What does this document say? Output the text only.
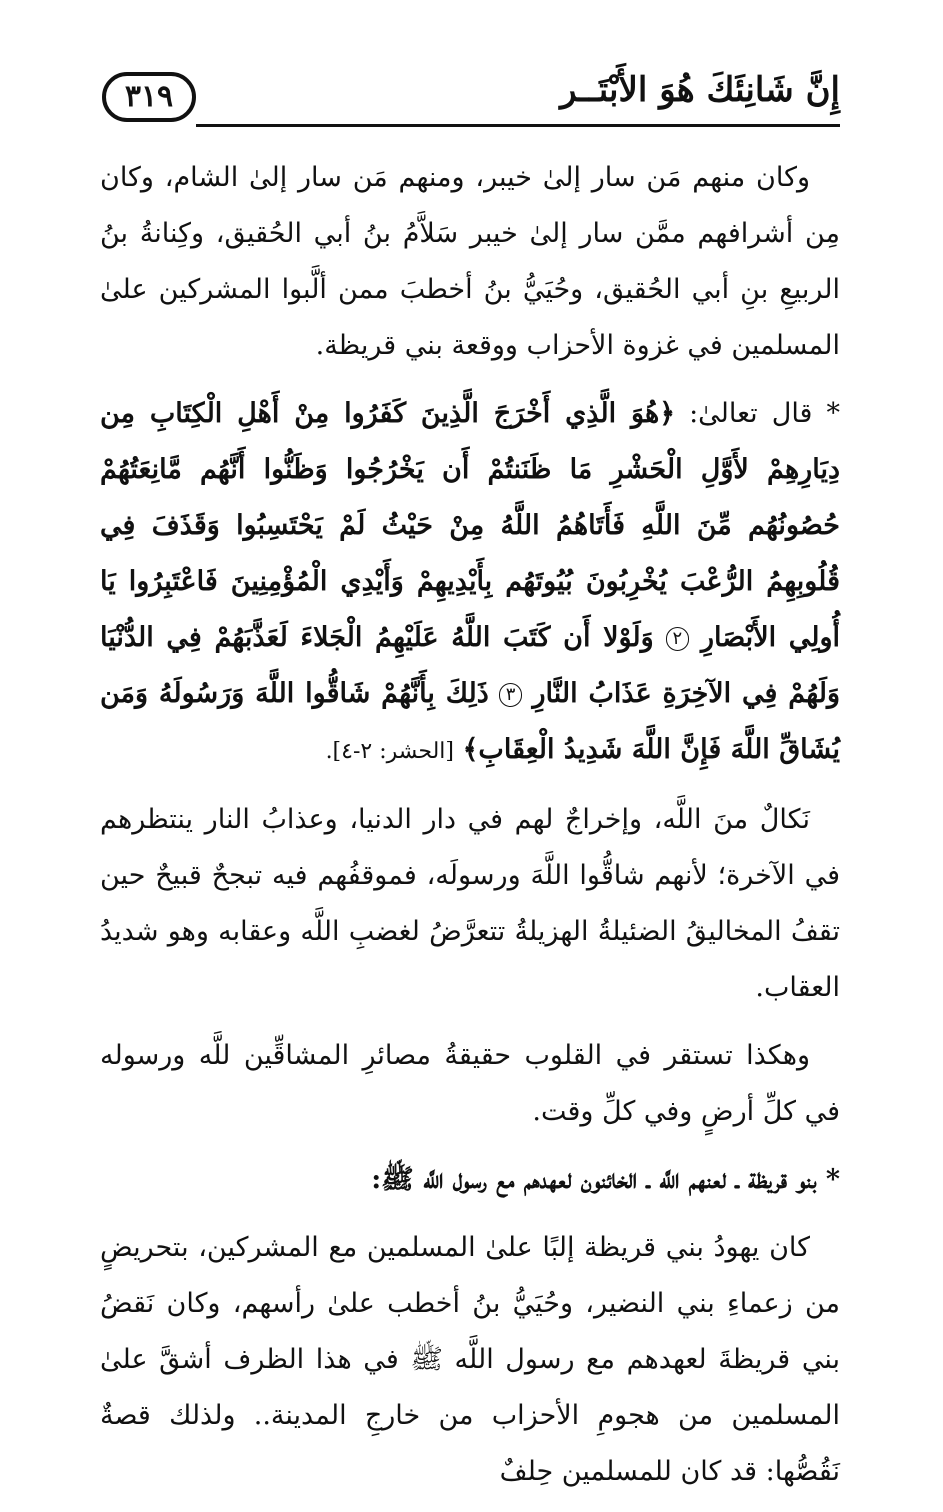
إِنَّ شَانِئَكَ هُوَ الأَبْتَــر
٣١٩

وكان منهم مَن سار إلىٰ خيبر، ومنهم مَن سار إلىٰ الشام، وكان مِن أشرافهم ممَّن سار إلىٰ خيبر سَلاَّمُ بنُ أبي الحُقيق، وكِنانةُ بنُ الربيعِ بنِ أبي الحُقيق، وحُيَيُّ بنُ أخطبَ ممن ألَّبوا المشركين علىٰ المسلمين في غزوة الأحزاب ووقعة بني قريظة.

* قال تعالىٰ: ﴿هُوَ الَّذِي أَخْرَجَ الَّذِينَ كَفَرُوا مِنْ أَهْلِ الْكِتَابِ مِن دِيَارِهِمْ لأَوَّلِ الْحَشْرِ مَا ظَنَنتُمْ أَن يَخْرُجُوا وَظَنُّوا أَنَّهُم مَّانِعَتُهُمْ حُصُونُهُم مِّنَ اللَّهِ فَأَتَاهُمُ اللَّهُ مِنْ حَيْثُ لَمْ يَحْتَسِبُوا وَقَذَفَ فِي قُلُوبِهِمُ الرُّعْبَ يُخْرِبُونَ بُيُوتَهُم بِأَيْدِيهِمْ وَأَيْدِي الْمُؤْمِنِينَ فَاعْتَبِرُوا يَا أُولِي الأَبْصَارِ ٢ وَلَوْلا أَن كَتَبَ اللَّهُ عَلَيْهِمُ الْجَلاءَ لَعَذَّبَهُمْ فِي الدُّنْيَا وَلَهُمْ فِي الآخِرَةِ عَذَابُ النَّارِ ٣ ذَلِكَ بِأَنَّهُمْ شَاقُّوا اللَّهَ وَرَسُولَهُ وَمَن يُشَاقِّ اللَّهَ فَإِنَّ اللَّهَ شَدِيدُ الْعِقَابِ﴾ [الحشر: ٢-٤].

نَكالٌ منَ اللَّه، وإخراجٌ لهم في دار الدنيا، وعذابُ النار ينتظرهم في الآخرة؛ لأنهم شاقُّوا اللَّهَ ورسولَه، فموقفُهم فيه تبجحٌ قبيحٌ حين تقفُ المخاليقُ الضئيلةُ الهزيلةُ تتعرَّضُ لغضبِ اللَّه وعقابه وهو شديدُ العقاب.

وهكذا تستقر في القلوب حقيقةُ مصائرِ المشاقِّين للَّه ورسوله في كلِّ أرضٍ وفي كلِّ وقت.

* بنو قريظة ـ لعنهم اللَّه ـ الخائنون لعهدهم مع رسول اللَّه ﷺ:

كان يهودُ بني قريظة إلبًا علىٰ المسلمين مع المشركين، بتحريضٍ من زعماءِ بني النضير، وحُيَيُّ بنُ أخطب علىٰ رأسهم، وكان نَقضُ بني قريظةَ لعهدهم مع رسول اللَّه ﷺ في هذا الظرف أشقَّ علىٰ المسلمين من هجومِ الأحزاب من خارجِ المدينة.. ولذلك قصةٌ نَقُصُّها: قد كان للمسلمين حِلفٌ
